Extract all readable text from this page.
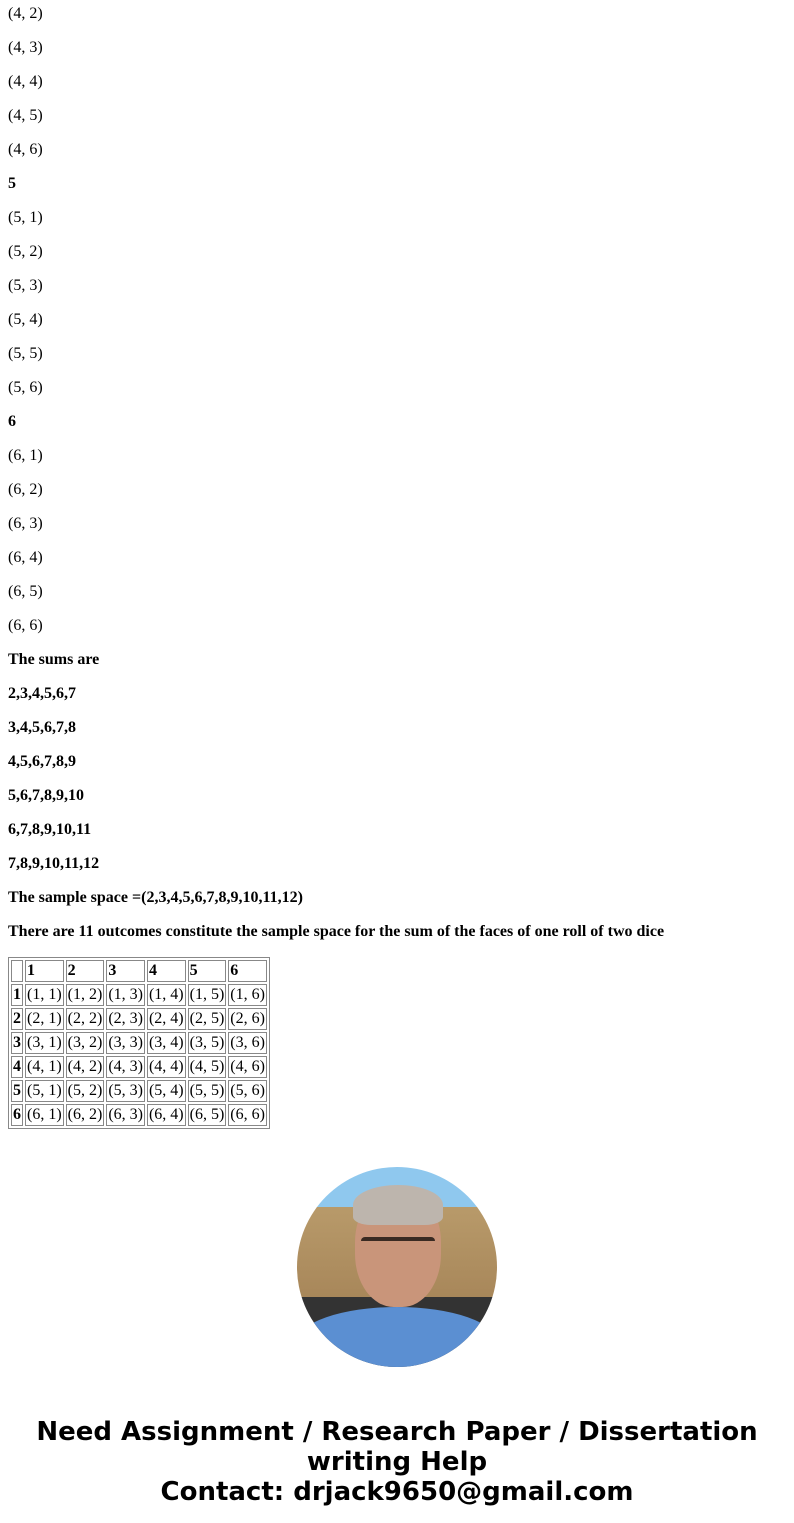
(4, 2)

(4, 3)

(4, 4)

(4, 5)

(4, 6)

5

(5, 1)

(5, 2)

(5, 3)

(5, 4)

(5, 5)

(5, 6)

6

(6, 1)

(6, 2)

(6, 3)

(6, 4)

(6, 5)

(6, 6)

The sums are

2,3,4,5,6,7

3,4,5,6,7,8

4,5,6,7,8,9

5,6,7,8,9,10

6,7,8,9,10,11

7,8,9,10,11,12

The sample space =(2,3,4,5,6,7,8,9,10,11,12)

There are 11 outcomes constitute the sample space for the sum of the faces of one roll of two dice

	1	2	3	4	5	6
1	(1, 1)	(1, 2)	(1, 3)	(1, 4)	(1, 5)	(1, 6)
2	(2, 1)	(2, 2)	(2, 3)	(2, 4)	(2, 5)	(2, 6)
3	(3, 1)	(3, 2)	(3, 3)	(3, 4)	(3, 5)	(3, 6)
4	(4, 1)	(4, 2)	(4, 3)	(4, 4)	(4, 5)	(4, 6)
5	(5, 1)	(5, 2)	(5, 3)	(5, 4)	(5, 5)	(5, 6)
6	(6, 1)	(6, 2)	(6, 3)	(6, 4)	(6, 5)	(6, 6)
Need Assignment / Research Paper / Dissertation
writing Help
Contact: drjack9650@gmail.com
